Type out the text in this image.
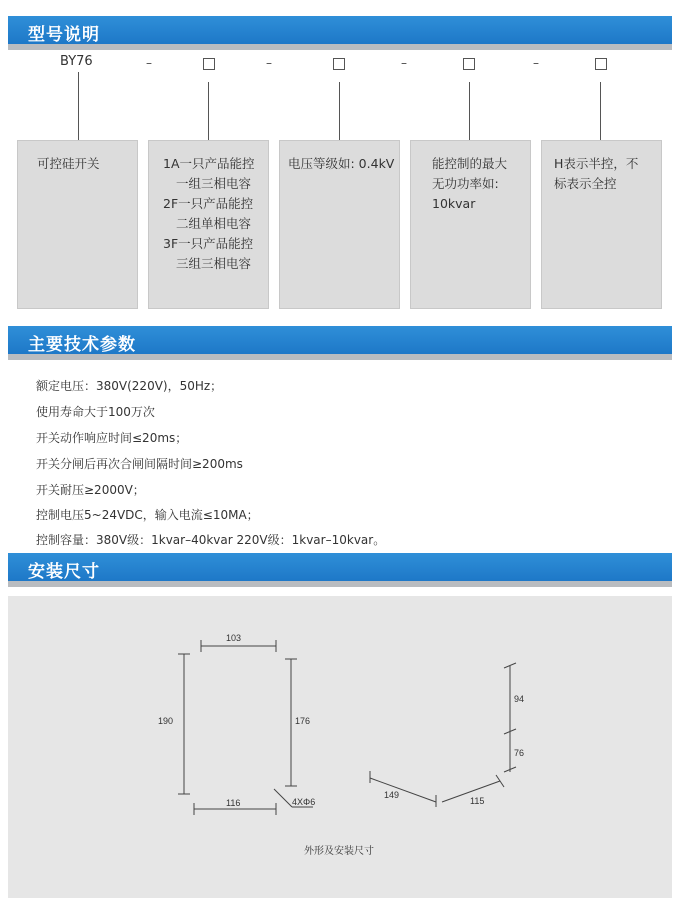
型号说明
BY76	–	–	–	–
可控硅开关	1A一只产品能控
一组三相电容
2F一只产品能控
二组单相电容
3F一只产品能控
三组三相电容
电压等级如: 0.4kV	能控制的最大
无功功率如:
10kvar
H表示半控，不
标表示全控
主要技术参数
额定电压：380V(220V)，50Hz；
使用寿命大于100万次
开关动作响应时间≤20ms；
开关分闸后再次合闸间隔时间≥200ms
开关耐压≥2000V；
控制电压5~24VDC，输入电流≤10MA；
控制容量：380V级：1kvar–40kvar 220V级：1kvar–10kvar。
安装尺寸
103
190	176
116	4XΦ6
94
76
149
115
外形及安装尺寸
